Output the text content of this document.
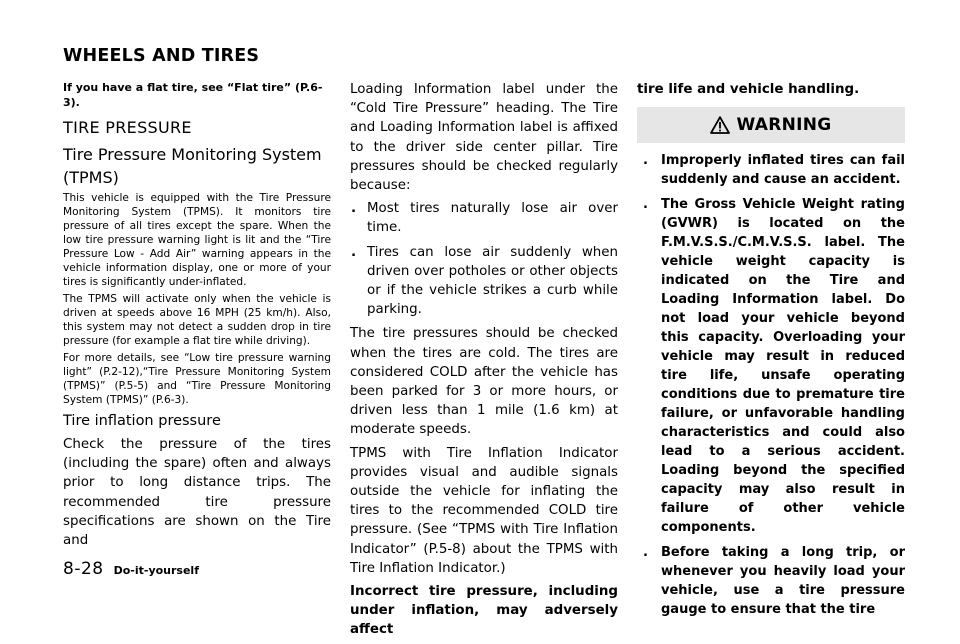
WHEELS AND TIRES

If you have a flat tire, see “Flat tire” (P.6-3).

TIRE PRESSURE
Tire Pressure Monitoring System (TPMS)

This vehicle is equipped with the Tire Pressure Monitoring System (TPMS). It monitors tire pressure of all tires except the spare. When the low tire pressure warning light is lit and the “Tire Pressure Low - Add Air” warning appears in the vehicle information display, one or more of your tires is significantly under-inflated.

The TPMS will activate only when the vehicle is driven at speeds above 16 MPH (25 km/h). Also, this system may not detect a sudden drop in tire pressure (for example a flat tire while driving).

For more details, see “Low tire pressure warning light” (P.2-12),“Tire Pressure Monitoring System (TPMS)” (P.5-5) and “Tire Pressure Monitoring System (TPMS)” (P.6-3).

Tire inflation pressure

Check the pressure of the tires (including the spare) often and always prior to long distance trips. The recommended tire pressure specifications are shown on the Tire and

Loading Information label under the “Cold Tire Pressure” heading. The Tire and Loading Information label is affixed to the driver side center pillar. Tire pressures should be checked regularly because:

. Most tires naturally lose air over time.
. Tires can lose air suddenly when driven over potholes or other objects or if the vehicle strikes a curb while parking.

The tire pressures should be checked when the tires are cold. The tires are considered COLD after the vehicle has been parked for 3 or more hours, or driven less than 1 mile (1.6 km) at moderate speeds.

TPMS with Tire Inflation Indicator provides visual and audible signals outside the vehicle for inflating the tires to the recommended COLD tire pressure. (See “TPMS with Tire Inflation Indicator” (P.5-8) about the TPMS with Tire Inflation Indicator.)

Incorrect tire pressure, including under inflation, may adversely affect

tire life and vehicle handling.

WARNING
. Improperly inflated tires can fail suddenly and cause an accident.
. The Gross Vehicle Weight rating (GVWR) is located on the F.M.V.S.S./C.M.V.S.S. label. The vehicle weight capacity is indicated on the Tire and Loading Information label. Do not load your vehicle beyond this capacity. Overloading your vehicle may result in reduced tire life, unsafe operating conditions due to premature tire failure, or unfavorable handling characteristics and could also lead to a serious accident. Loading beyond the specified capacity may also result in failure of other vehicle components.
. Before taking a long trip, or whenever you heavily load your vehicle, use a tire pressure gauge to ensure that the tire
8-28 Do-it-yourself
